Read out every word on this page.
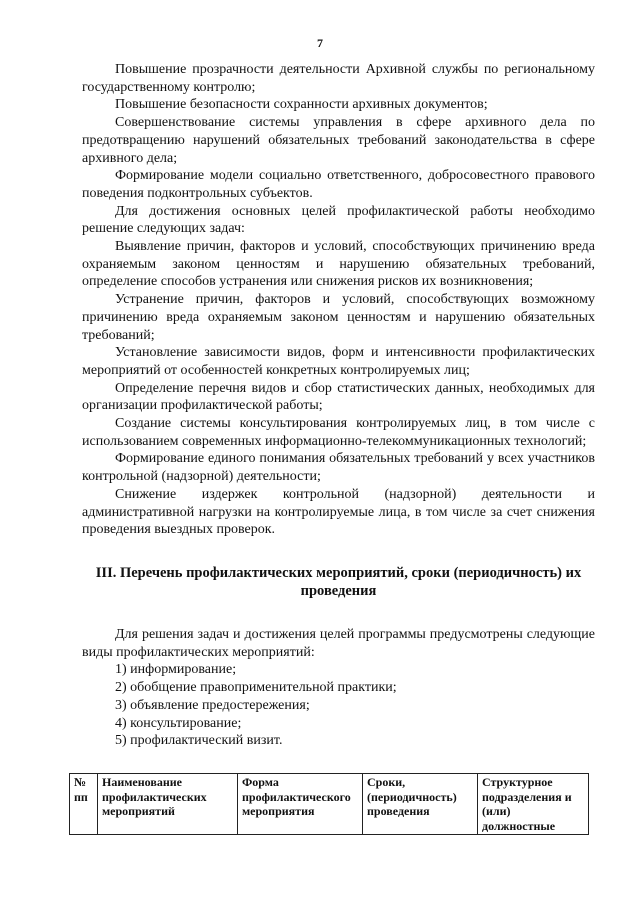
7

Повышение прозрачности деятельности Архивной службы по региональному государственному контролю;

Повышение безопасности сохранности архивных документов;

Совершенствование системы управления в сфере архивного дела по предотвращению нарушений обязательных требований законодательства в сфере архивного дела;

Формирование модели социально ответственного, добросовестного правового поведения подконтрольных субъектов.

Для достижения основных целей профилактической работы необходимо решение следующих задач:

Выявление причин, факторов и условий, способствующих причинению вреда охраняемым законом ценностям и нарушению обязательных требований, определение способов устранения или снижения рисков их возникновения;

Устранение причин, факторов и условий, способствующих возможному причинению вреда охраняемым законом ценностям и нарушению обязательных требований;

Установление зависимости видов, форм и интенсивности профилактических мероприятий от особенностей конкретных контролируемых лиц;

Определение перечня видов и сбор статистических данных, необходимых для организации профилактической работы;

Создание системы консультирования контролируемых лиц, в том числе с использованием современных информационно-телекоммуникационных технологий;

Формирование единого понимания обязательных требований у всех участников контрольной (надзорной) деятельности;

Снижение издержек контрольной (надзорной) деятельности и административной нагрузки на контролируемые лица, в том числе за счет снижения проведения выездных проверок.

III. Перечень профилактических мероприятий, сроки (периодичность) их проведения

Для решения задач и достижения целей программы предусмотрены следующие виды профилактических мероприятий:

1) информирование;
2) обобщение правоприменительной практики;
3) объявление предостережения;
4) консультирование;
5) профилактический визит.
№ пп	Наименование профилактических мероприятий	Форма профилактического мероприятия	Сроки, (периодичность) проведения	Структурное подразделения и (или) должностные
